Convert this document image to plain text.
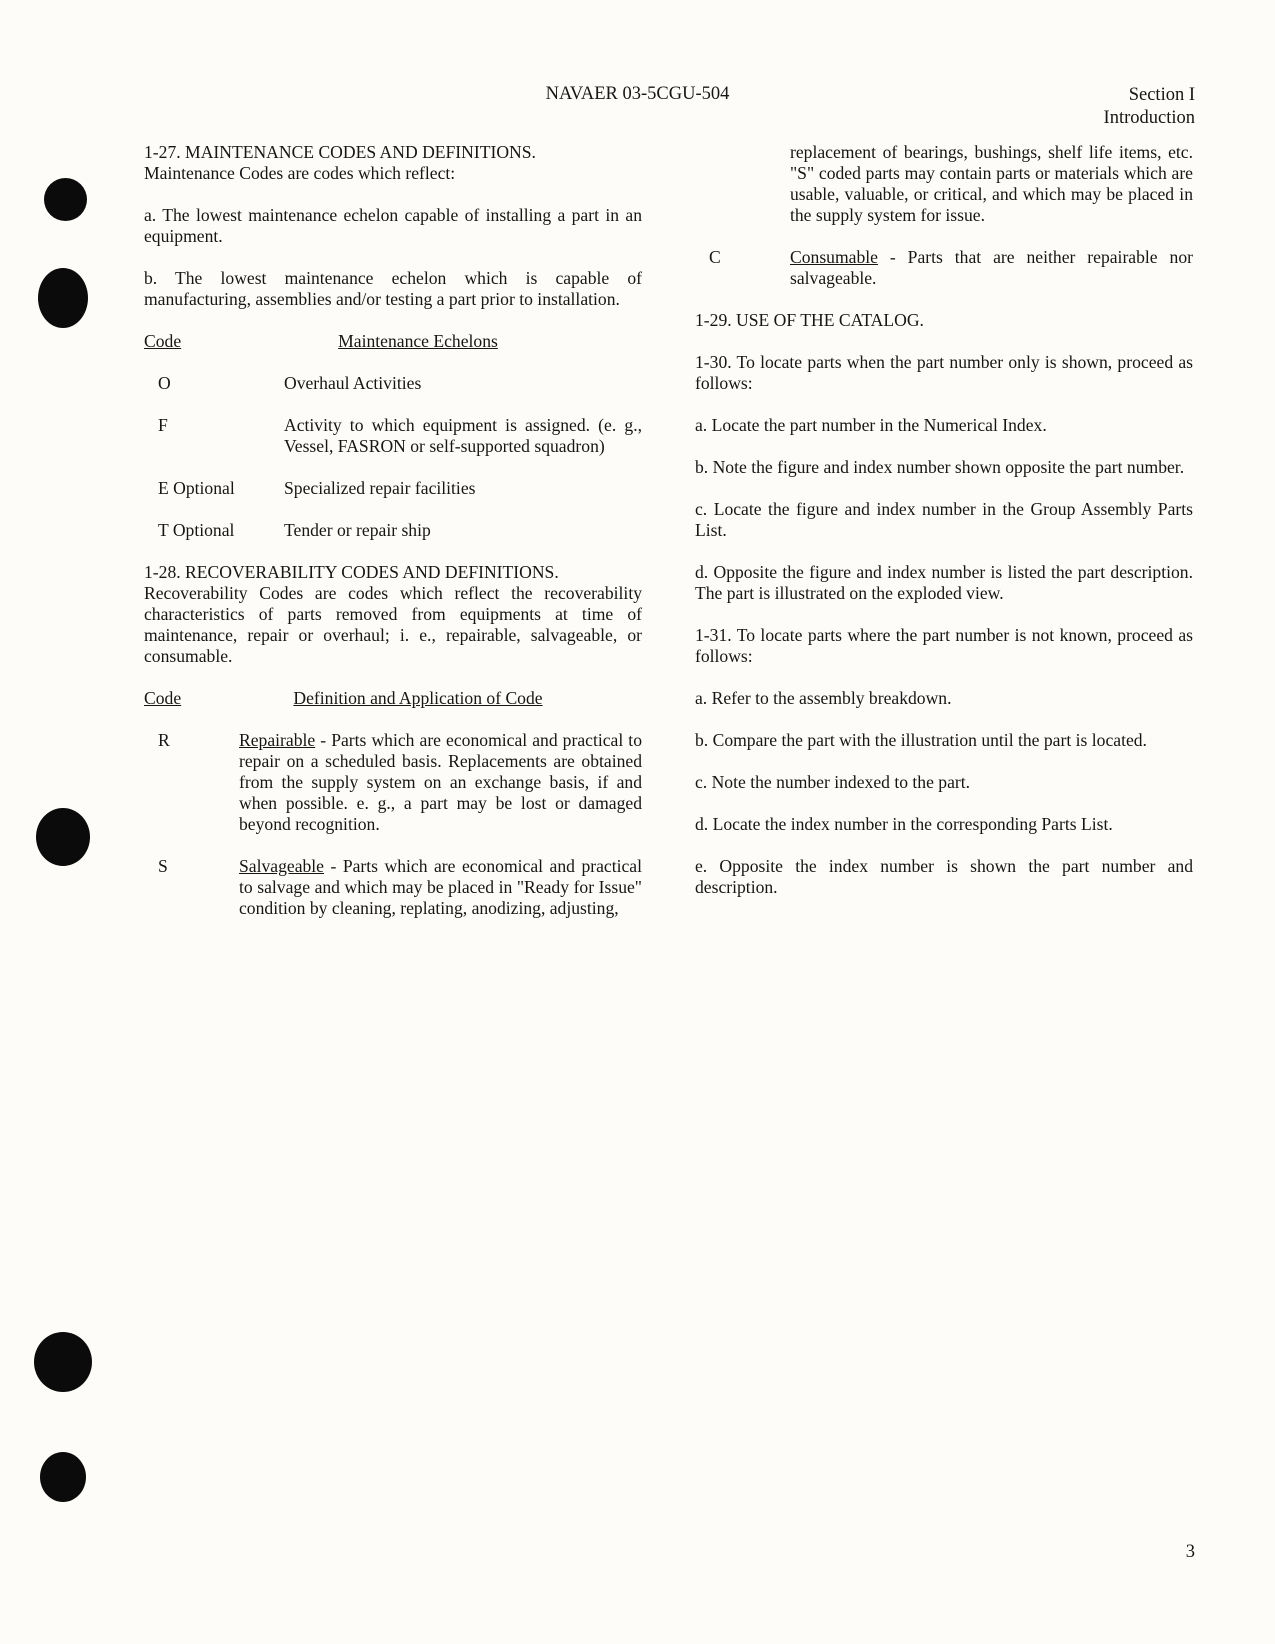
NAVAER 03-5CGU-504	Section I
Introduction

1-27. MAINTENANCE CODES AND DEFINITIONS.

Maintenance Codes are codes which reflect:

a. The lowest maintenance echelon capable of installing a part in an equipment.

b. The lowest maintenance echelon which is capable of manufacturing, assemblies and/or testing a part prior to installation.

Code	Maintenance Echelons
O	Overhaul Activities
F	Activity to which equipment is assigned. (e. g., Vessel, FASRON or self-supported squadron)
E Optional	Specialized repair facilities
T Optional	Tender or repair ship

1-28. RECOVERABILITY CODES AND DEFINITIONS.

Recoverability Codes are codes which reflect the recoverability characteristics of parts removed from equipments at time of maintenance, repair or overhaul; i. e., repairable, salvageable, or consumable.

Code	Definition and Application of Code
R	Repairable - Parts which are economical and practical to repair on a scheduled basis. Replacements are obtained from the supply system on an exchange basis, if and when possible. e. g., a part may be lost or damaged beyond recognition.
S	Salvageable - Parts which are economical and practical to salvage and which may be placed in "Ready for Issue" condition by cleaning, replating, anodizing, adjusting,

replacement of bearings, bushings, shelf life items, etc. "S" coded parts may contain parts or materials which are usable, valuable, or critical, and which may be placed in the supply system for issue.

C	Consumable - Parts that are neither repairable nor salvageable.

1-29. USE OF THE CATALOG.

1-30. To locate parts when the part number only is shown, proceed as follows:

a. Locate the part number in the Numerical Index.

b. Note the figure and index number shown opposite the part number.

c. Locate the figure and index number in the Group Assembly Parts List.

d. Opposite the figure and index number is listed the part description. The part is illustrated on the exploded view.

1-31. To locate parts where the part number is not known, proceed as follows:

a. Refer to the assembly breakdown.

b. Compare the part with the illustration until the part is located.

c. Note the number indexed to the part.

d. Locate the index number in the corresponding Parts List.

e. Opposite the index number is shown the part number and description.

3
